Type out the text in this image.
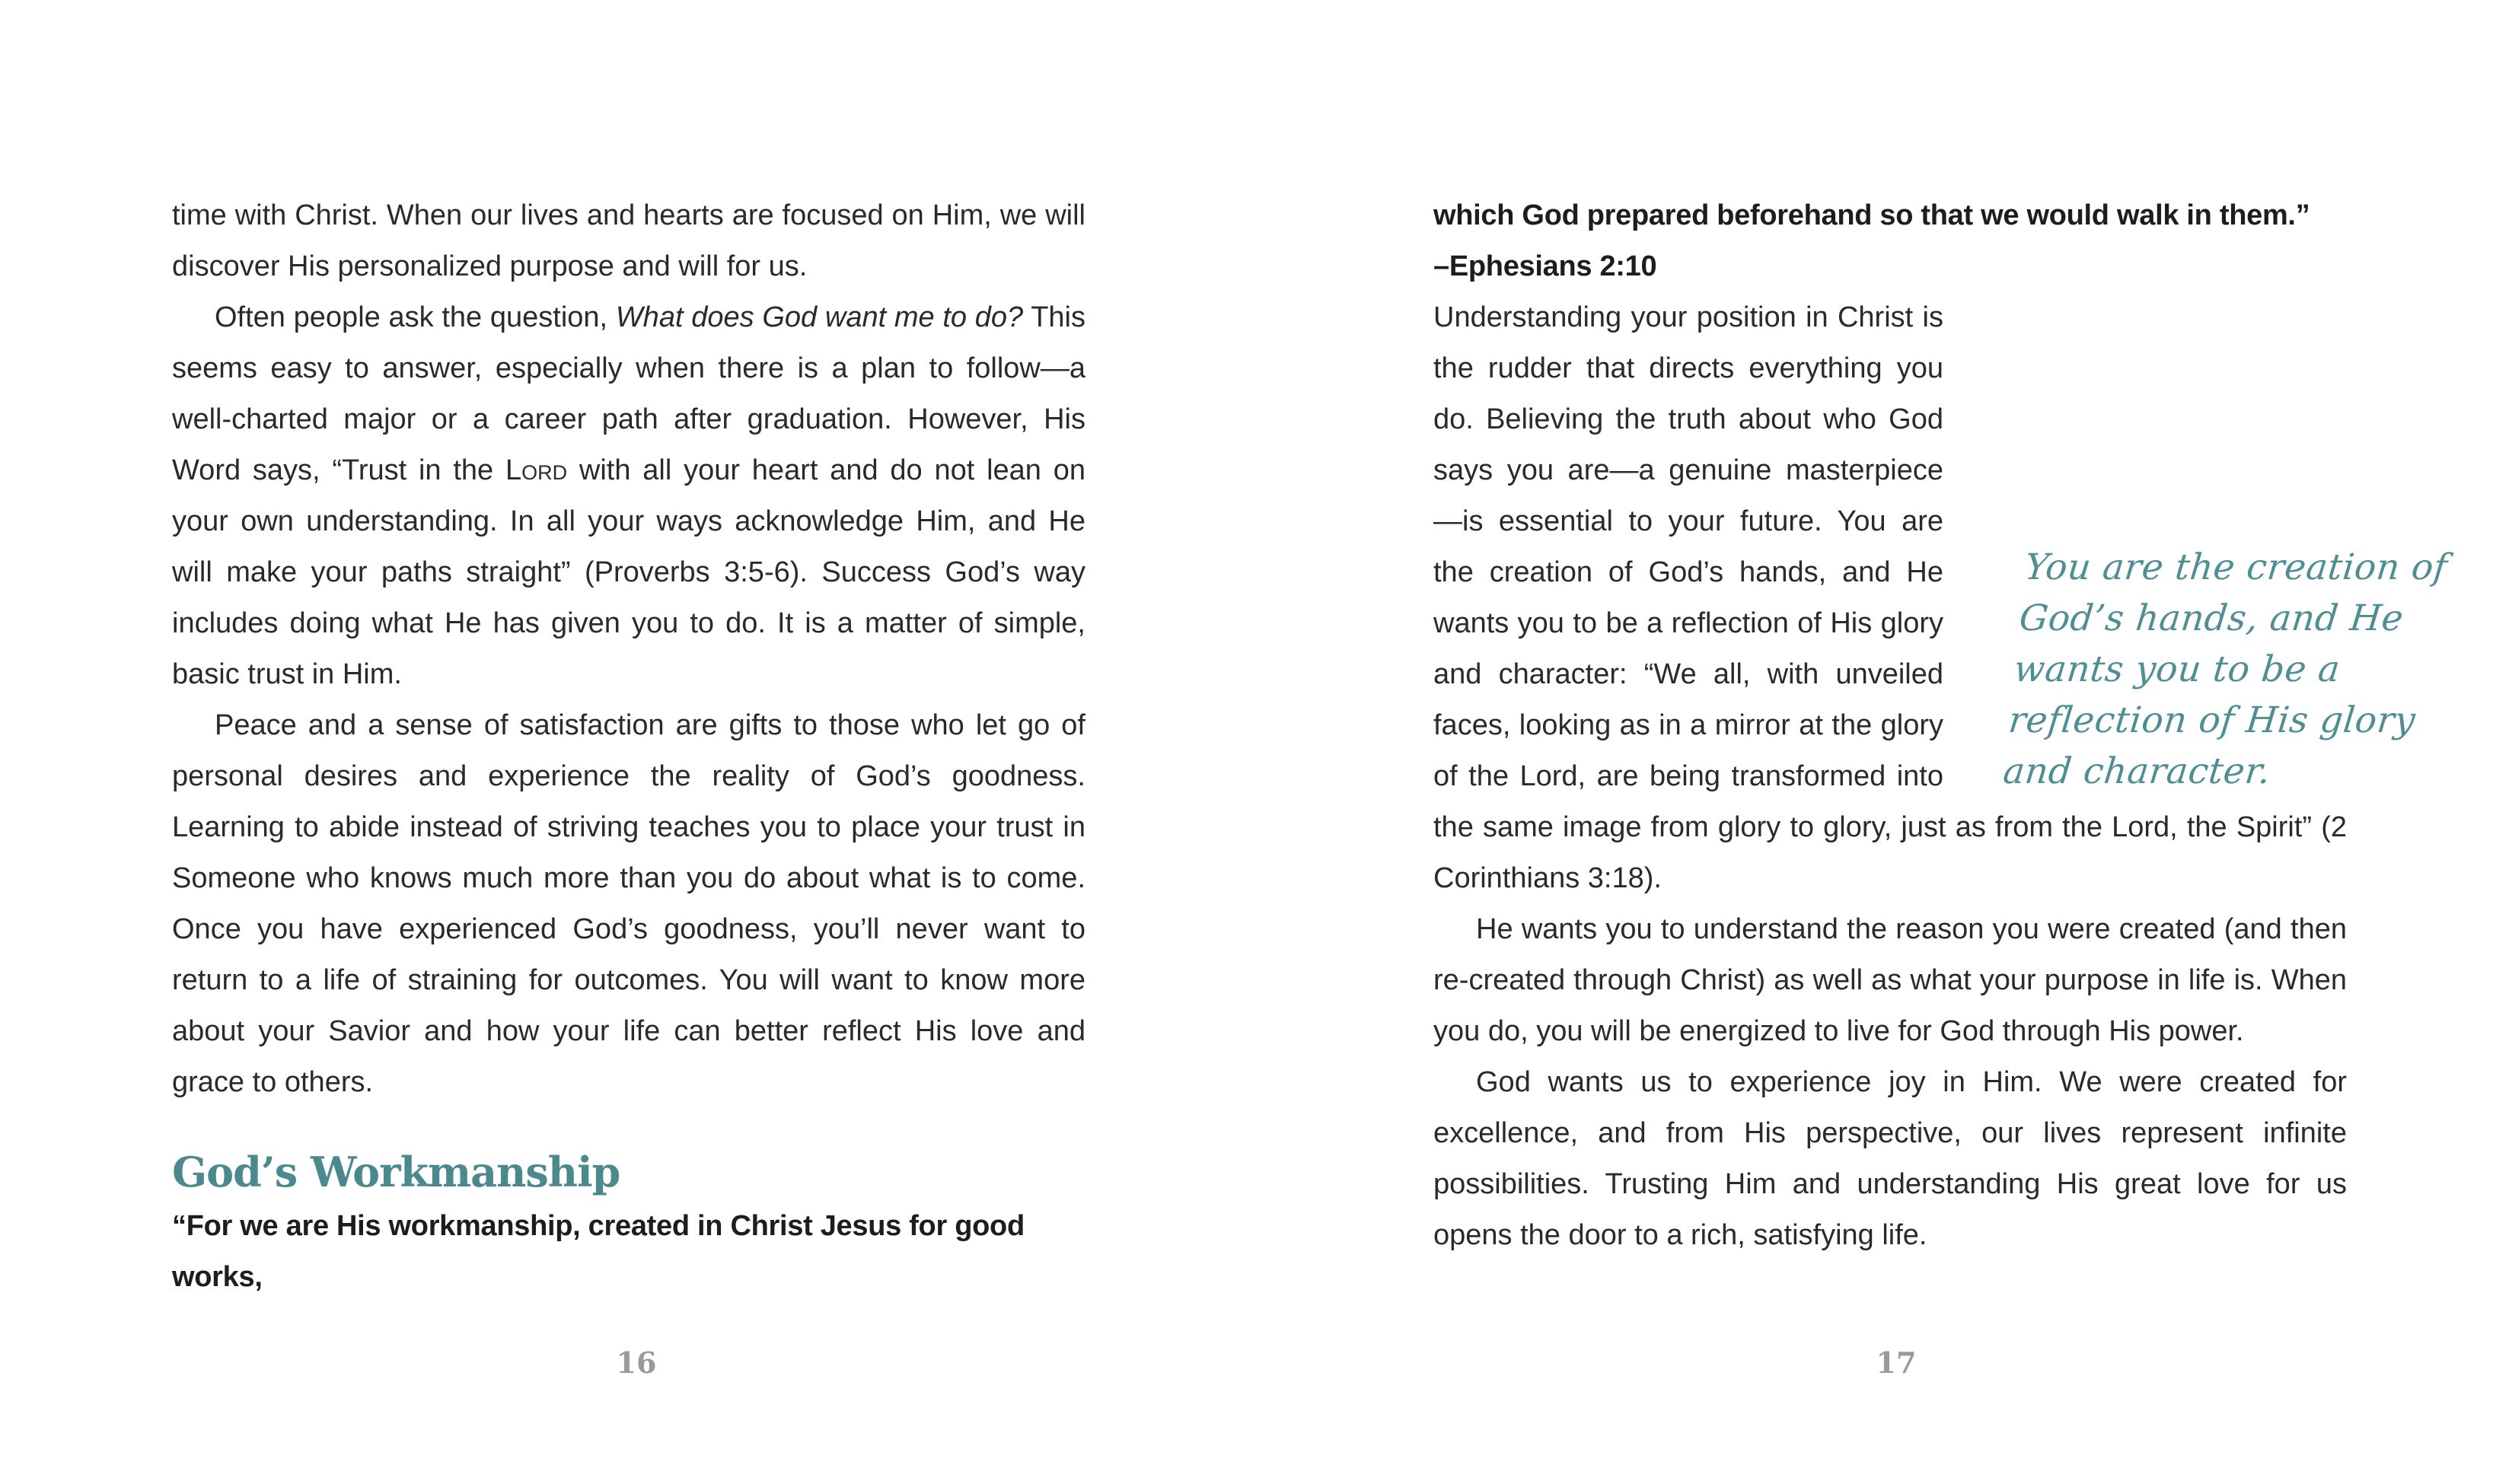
time with Christ. When our lives and hearts are focused on Him, we will discover His personalized purpose and will for us.

Often people ask the question, What does God want me to do? This seems easy to answer, especially when there is a plan to follow—a well-charted major or a career path after graduation. However, His Word says, “Trust in the Lord with all your heart and do not lean on your own understanding. In all your ways acknowledge Him, and He will make your paths straight” (Proverbs 3:5-6). Success God’s way includes doing what He has given you to do. It is a matter of simple, basic trust in Him.

Peace and a sense of satisfaction are gifts to those who let go of personal desires and experience the reality of God’s goodness. Learning to abide instead of striving teaches you to place your trust in Someone who knows much more than you do about what is to come. Once you have experienced God’s goodness, you’ll never want to return to a life of straining for outcomes. You will want to know more about your Savior and how your life can better reflect His love and grace to others.

God’s Workmanship

“For we are His workmanship, created in Christ Jesus for good works,

16

which God prepared beforehand so that we would walk in them.”

–Ephesians 2:10

Understanding your position in Christ is the rudder that directs everything you do. Believing the truth about who God says you are—a genuine masterpiece—is essential to your future. You are the creation of God’s hands, and He wants you to be a reflection of His glory and character: “We all, with unveiled faces, looking as in a mirror at the glory of the Lord, are being transformed into the same image from glory to glory, just as from the Lord, the Spirit” (2 Corinthians 3:18).

He wants you to understand the reason you were created (and then re-created through Christ) as well as what your purpose in life is. When you do, you will be energized to live for God through His power.

God wants us to experience joy in Him. We were created for excellence, and from His perspective, our lives represent infinite possibilities. Trusting Him and understanding His great love for us opens the door to a rich, satisfying life.

17
You are the creation of God’s hands, and He wants you to be a reflection of His glory and character.
